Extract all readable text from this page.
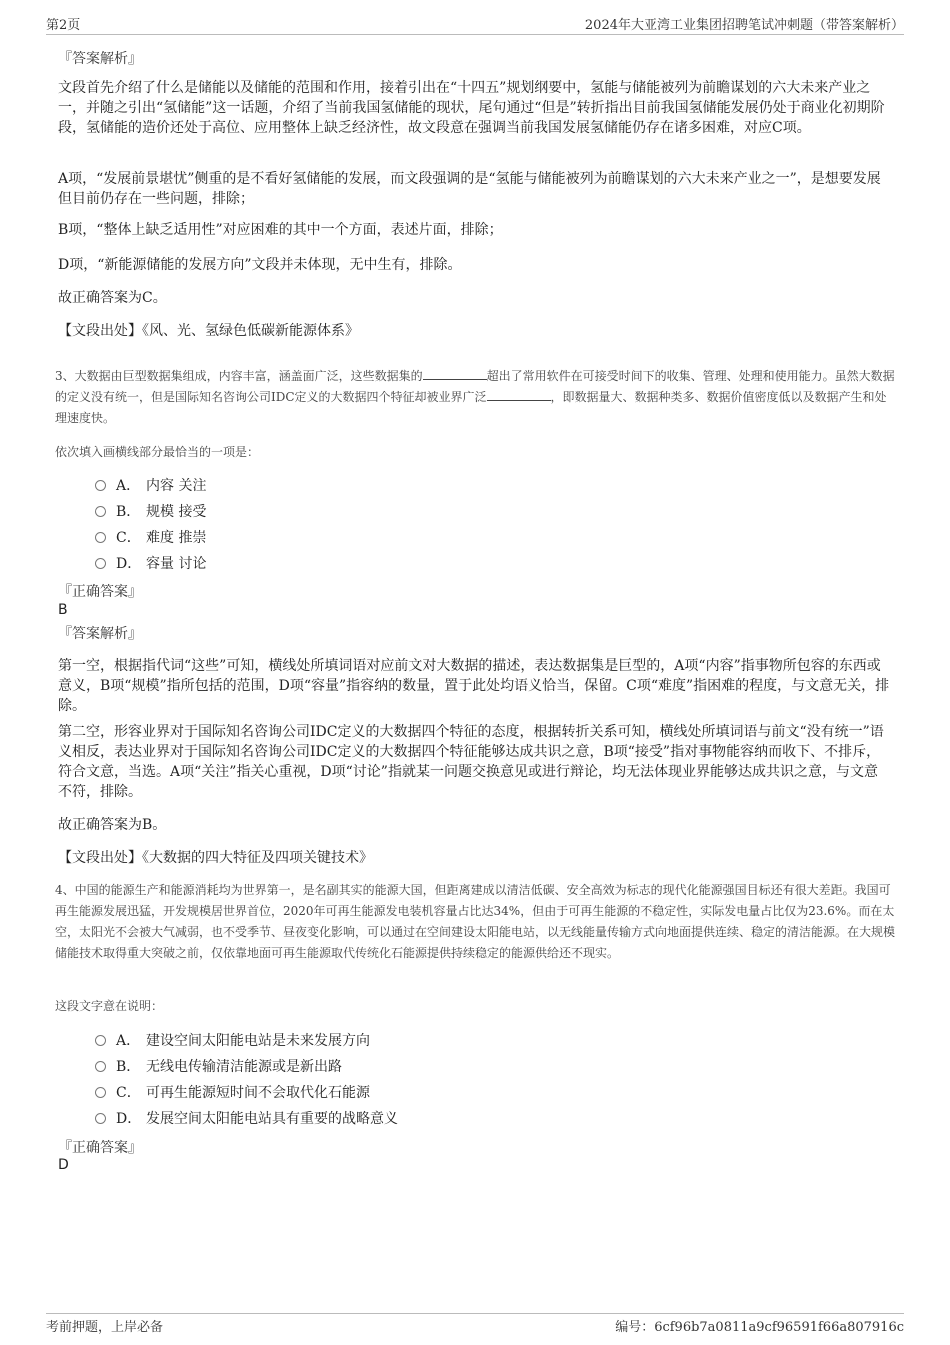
第2页	2024年大亚湾工业集团招聘笔试冲刺题（带答案解析）
『答案解析』
文段首先介绍了什么是储能以及储能的范围和作用，接着引出在“十四五”规划纲要中，氢能与储能被列为前瞻谋划的六大未来产业之一，并随之引出“氢储能”这一话题，介绍了当前我国氢储能的现状，尾句通过“但是”转折指出目前我国氢储能发展仍处于商业化初期阶段，氢储能的造价还处于高位、应用整体上缺乏经济性，故文段意在强调当前我国发展氢储能仍存在诸多困难，对应C项。
A项，“发展前景堪忧”侧重的是不看好氢储能的发展，而文段强调的是“氢能与储能被列为前瞻谋划的六大未来产业之一”，是想要发展但目前仍存在一些问题，排除；
B项，“整体上缺乏适用性”对应困难的其中一个方面，表述片面，排除；
D项，“新能源储能的发展方向”文段并未体现，无中生有，排除。
故正确答案为C。
【文段出处】《风、光、氢绿色低碳新能源体系》
3、大数据由巨型数据集组成，内容丰富，涵盖面广泛，这些数据集的	超出了常用软件在可接受时间下的收集、管理、处理和使用能力。虽然大数据的定义没有统一，但是国际知名咨询公司IDC定义的大数据四个特征却被业界广泛	，即数据量大、数据种类多、数据价值密度低以及数据产生和处理速度快。
依次填入画横线部分最恰当的一项是：
A． 内容 关注
B． 规模 接受
C． 难度 推崇
D． 容量 讨论
『正确答案』
B
『答案解析』
第一空，根据指代词“这些”可知，横线处所填词语对应前文对大数据的描述，表达数据集是巨型的，A项“内容”指事物所包容的东西或意义，B项“规模”指所包括的范围，D项“容量”指容纳的数量，置于此处均语义恰当，保留。C项“难度”指困难的程度，与文意无关，排除。
第二空，形容业界对于国际知名咨询公司IDC定义的大数据四个特征的态度，根据转折关系可知，横线处所填词语与前文“没有统一”语义相反，表达业界对于国际知名咨询公司IDC定义的大数据四个特征能够达成共识之意，B项“接受”指对事物能容纳而收下、不排斥，符合文意，当选。A项“关注”指关心重视，D项“讨论”指就某一问题交换意见或进行辩论，均无法体现业界能够达成共识之意，与文意不符，排除。
故正确答案为B。
【文段出处】《大数据的四大特征及四项关键技术》
4、中国的能源生产和能源消耗均为世界第一，是名副其实的能源大国，但距离建成以清洁低碳、安全高效为标志的现代化能源强国目标还有很大差距。我国可再生能源发展迅猛，开发规模居世界首位，2020年可再生能源发电装机容量占比达34%，但由于可再生能源的不稳定性，实际发电量占比仅为23.6%。而在太空，太阳光不会被大气减弱，也不受季节、昼夜变化影响，可以通过在空间建设太阳能电站，以无线能量传输方式向地面提供连续、稳定的清洁能源。在大规模储能技术取得重大突破之前，仅依靠地面可再生能源取代传统化石能源提供持续稳定的能源供给还不现实。
这段文字意在说明：
A． 建设空间太阳能电站是未来发展方向
B． 无线电传输清洁能源或是新出路
C． 可再生能源短时间不会取代化石能源
D． 发展空间太阳能电站具有重要的战略意义
『正确答案』
D
考前押题，上岸必备	编号：6cf96b7a0811a9cf96591f66a807916c
